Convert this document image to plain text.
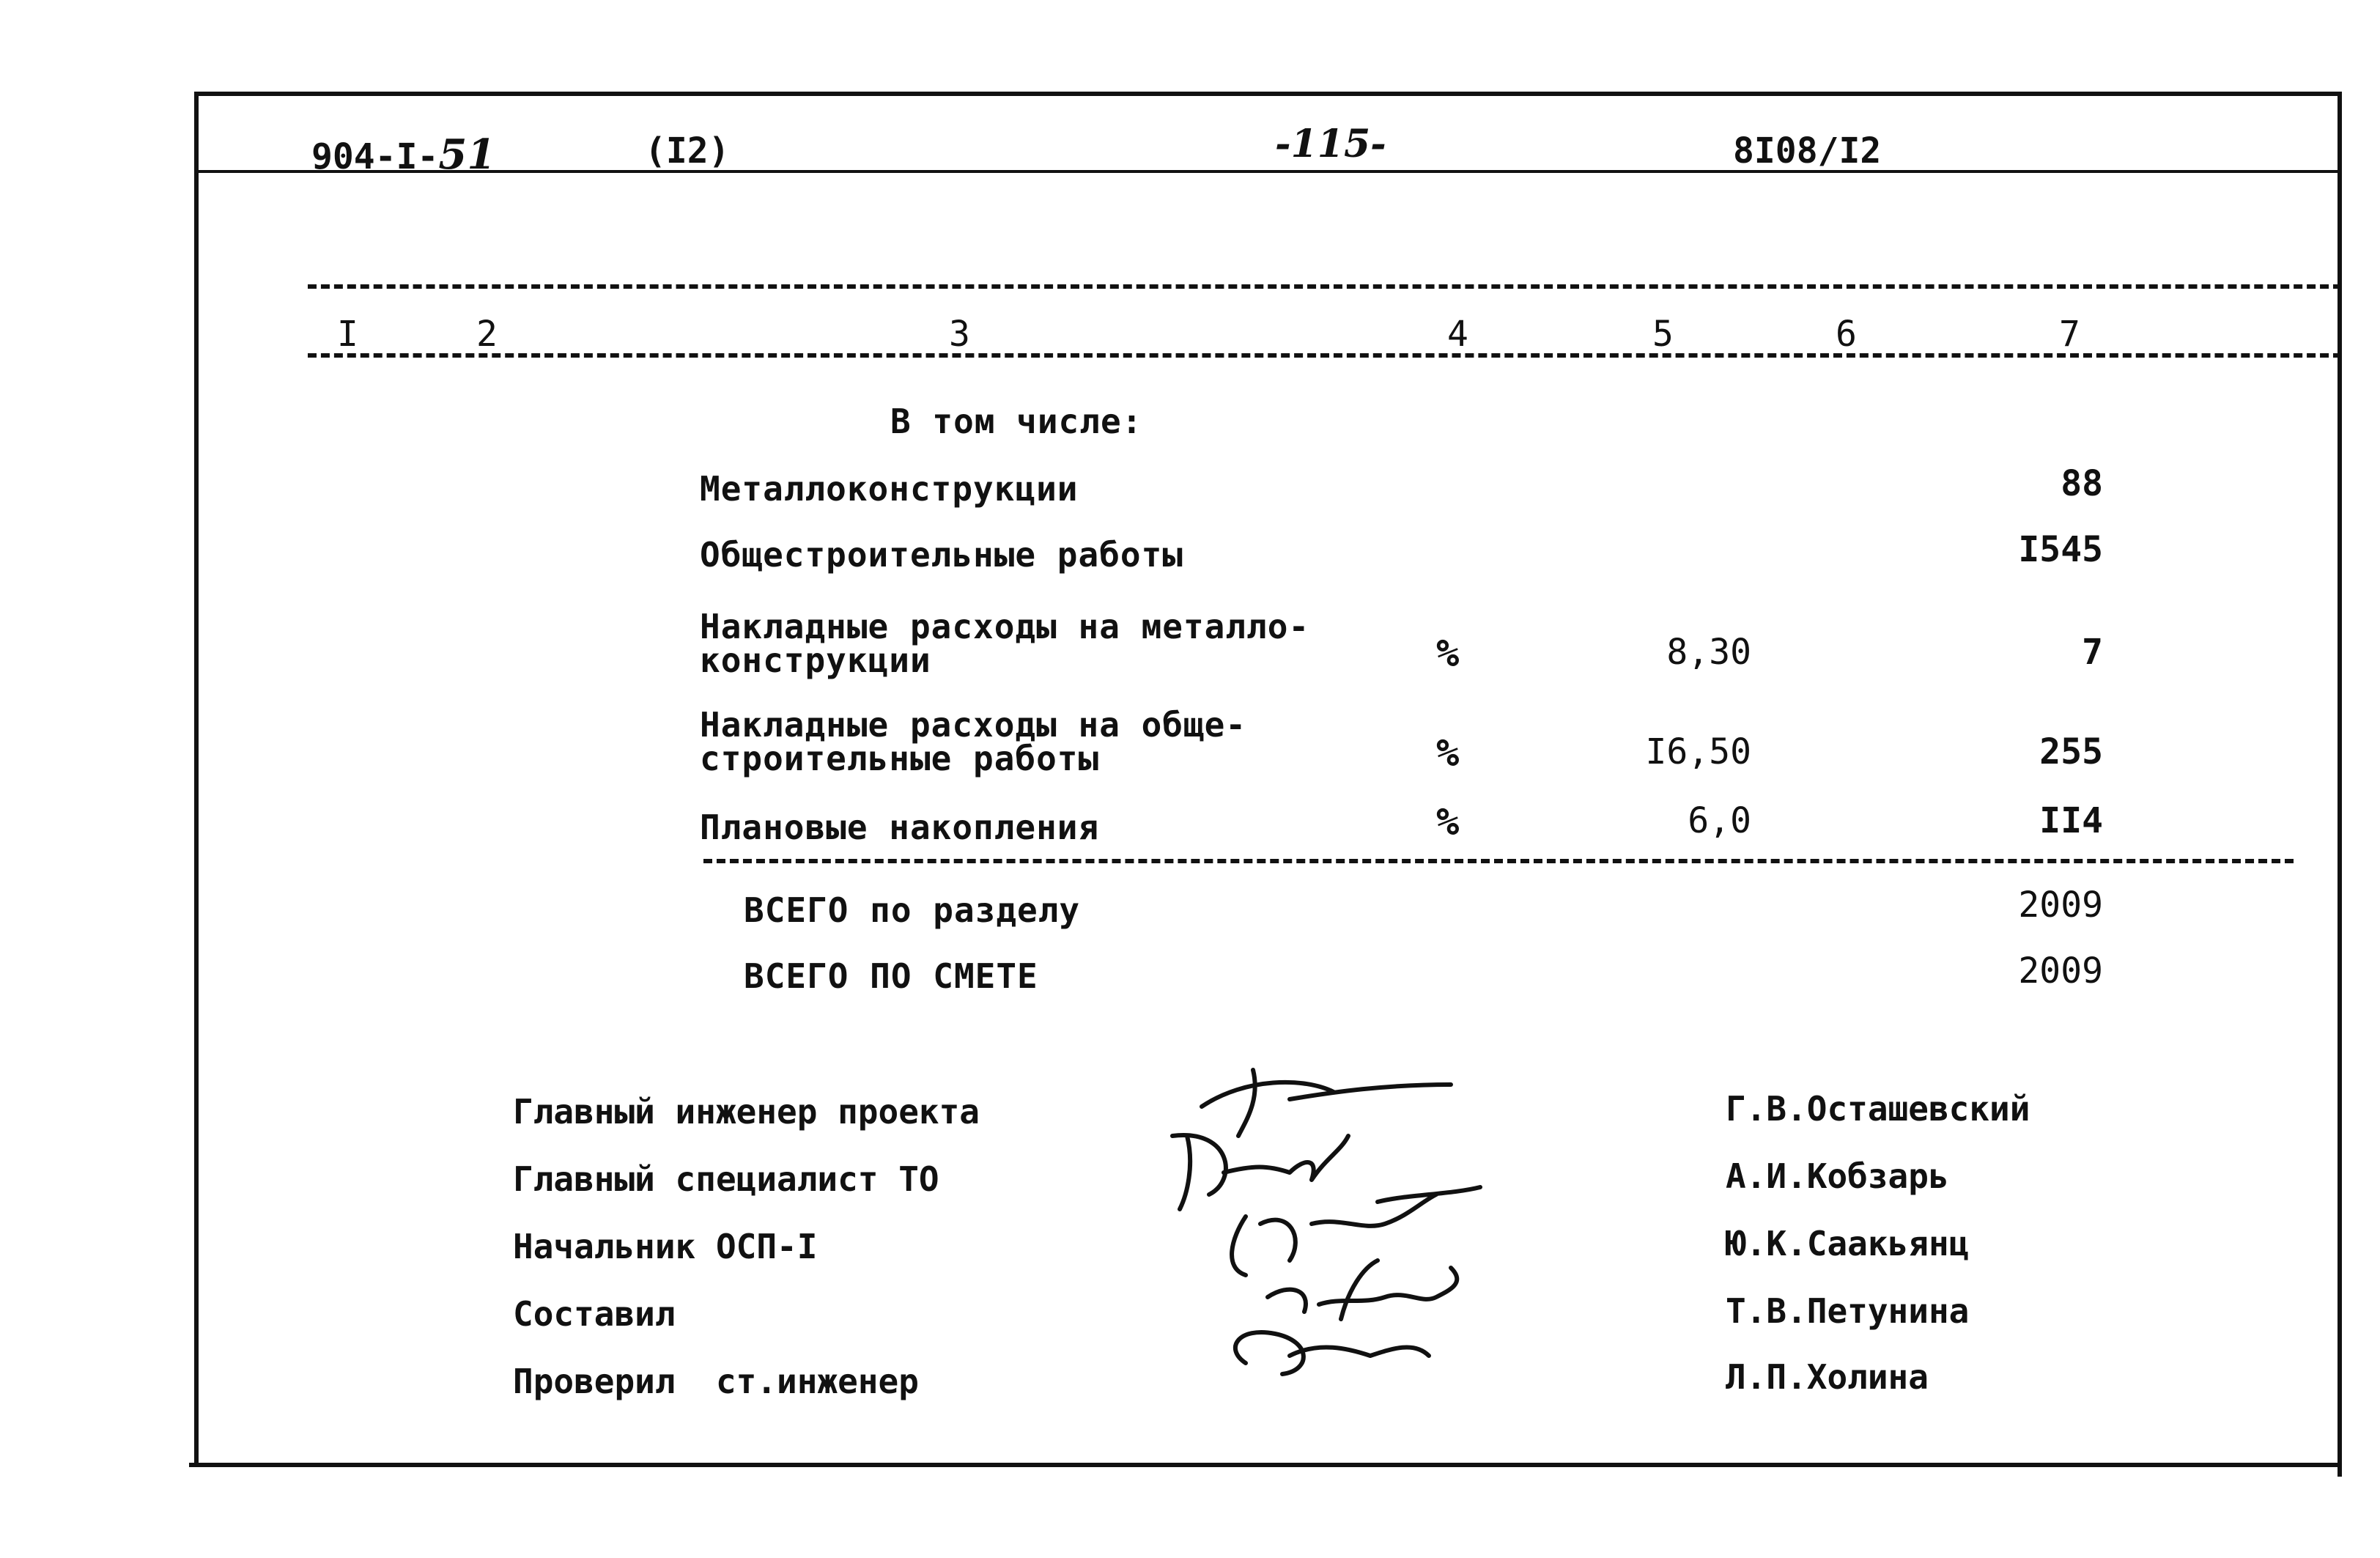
904-I-51	(I2)	-115-	8I08/I2
I	2	3	4	5	6	7
В том числе:
Металлоконструкции	88
Общестроительные работы	I545
Накладные расходы на металло-
конструкции	%	8,30	7
Накладные расходы на обще-
строительные работы	%	I6,50	255
Плановые накопления	%	6,0	II4
ВСЕГО по разделу	2009
ВСЕГО ПО СМЕТЕ	2009
Главный инженер проекта
Главный специалист ТО
Начальник ОСП-I
Составил
Проверил  ст.инженер
Г.В.Осташевский
А.И.Кобзарь
Ю.К.Саакьянц
Т.В.Петунина
Л.П.Холина
